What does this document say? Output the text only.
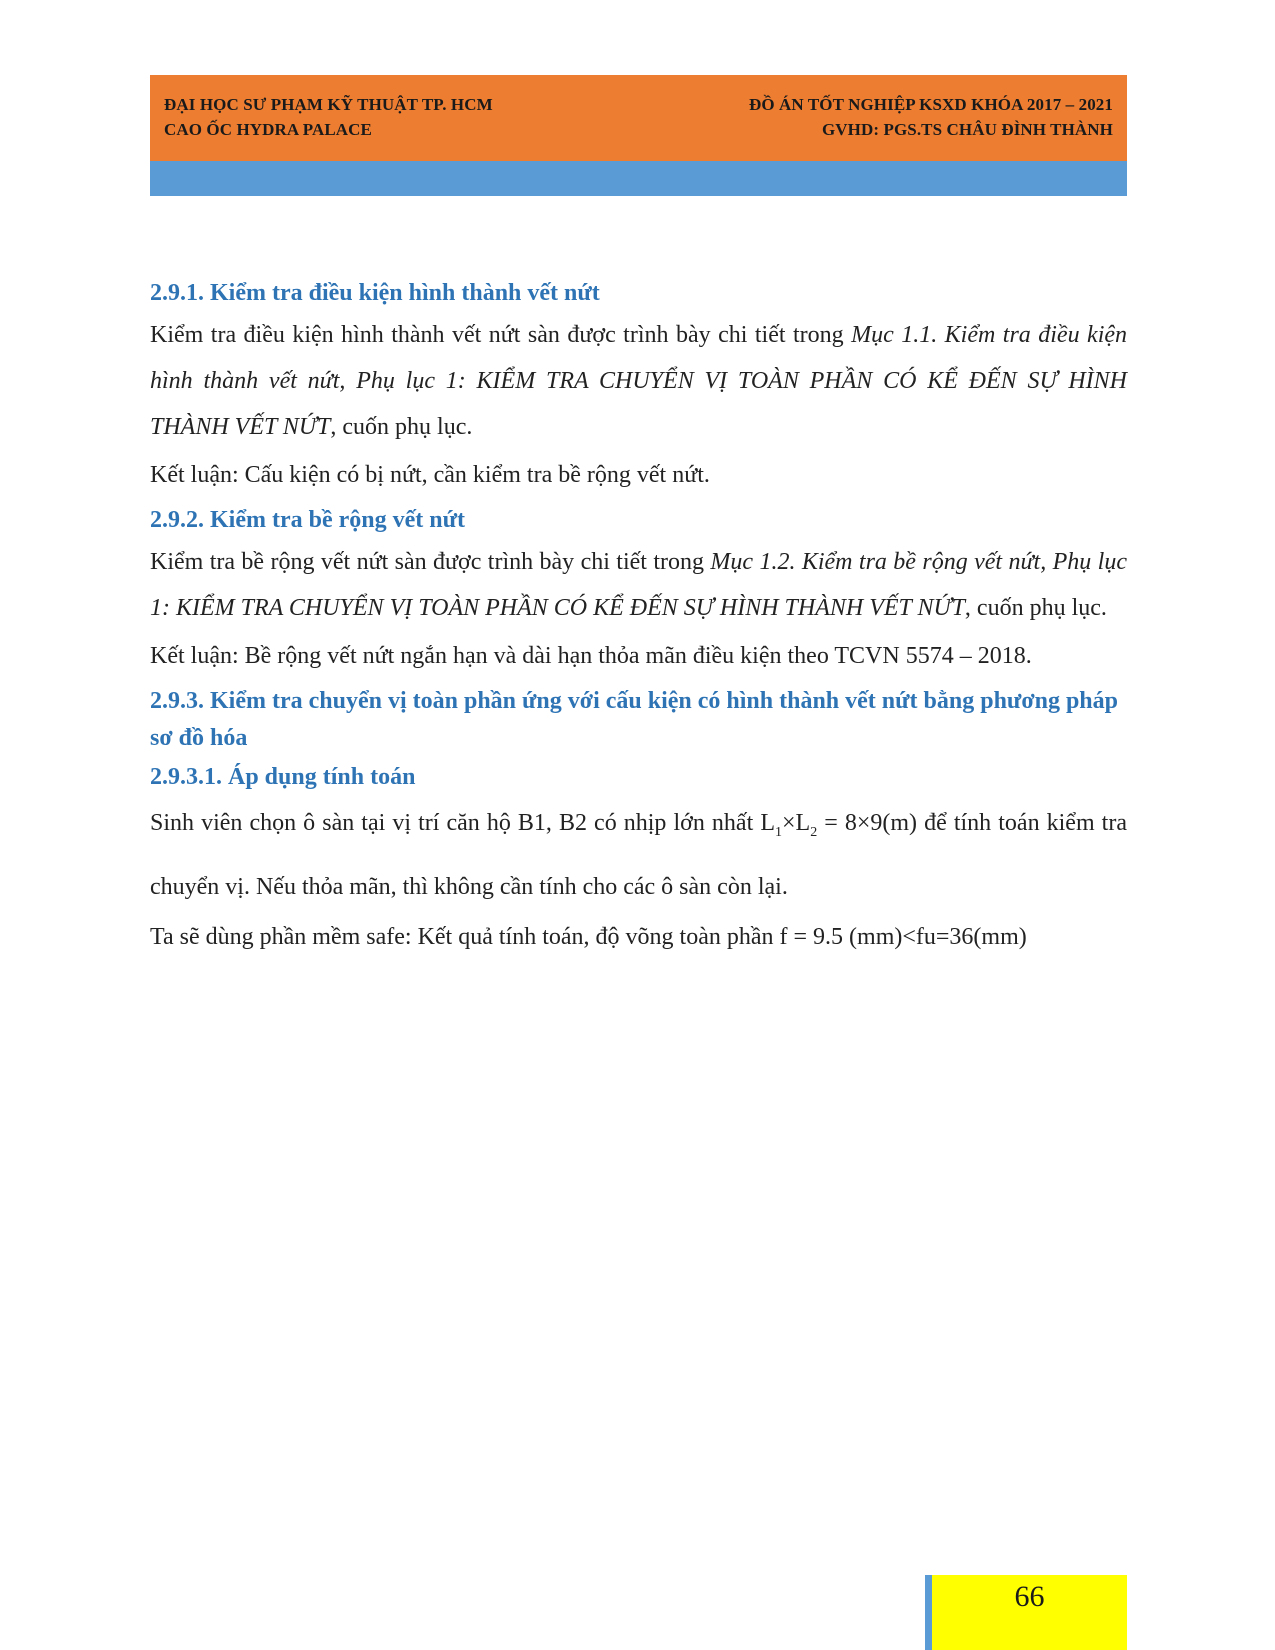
ĐẠI HỌC SƯ PHẠM KỸ THUẬT TP. HCM
CAO ỐC HYDRA PALACE
ĐỒ ÁN TỐT NGHIỆP KSXD KHÓA 2017 – 2021
GVHD: PGS.TS CHÂU ĐÌNH THÀNH
2.9.1. Kiểm tra điều kiện hình thành vết nứt

Kiểm tra điều kiện hình thành vết nứt sàn được trình bày chi tiết trong Mục 1.1. Kiểm tra điều kiện hình thành vết nứt, Phụ lục 1: KIỂM TRA CHUYỂN VỊ TOÀN PHẦN CÓ KỂ ĐẾN SỰ HÌNH THÀNH VẾT NỨT, cuốn phụ lục.

Kết luận: Cấu kiện có bị nứt, cần kiểm tra bề rộng vết nứt.

2.9.2. Kiểm tra bề rộng vết nứt

Kiểm tra bề rộng vết nứt sàn được trình bày chi tiết trong Mục 1.2. Kiểm tra bề rộng vết nứt, Phụ lục 1: KIỂM TRA CHUYỂN VỊ TOÀN PHẦN CÓ KỂ ĐẾN SỰ HÌNH THÀNH VẾT NỨT, cuốn phụ lục.

Kết luận: Bề rộng vết nứt ngắn hạn và dài hạn thỏa mãn điều kiện theo TCVN 5574 – 2018.

2.9.3. Kiểm tra chuyển vị toàn phần ứng với cấu kiện có hình thành vết nứt bằng phương pháp sơ đồ hóa
2.9.3.1. Áp dụng tính toán

Sinh viên chọn ô sàn tại vị trí căn hộ B1, B2 có nhịp lớn nhất $L_1\times L_2 = 8\times 9(m)$ để tính toán kiểm tra chuyển vị. Nếu thỏa mãn, thì không cần tính cho các ô sàn còn lại.

Ta sẽ dùng phần mềm safe: Kết quả tính toán, độ võng toàn phần f = 9.5 (mm)<fu=36(mm)

66
